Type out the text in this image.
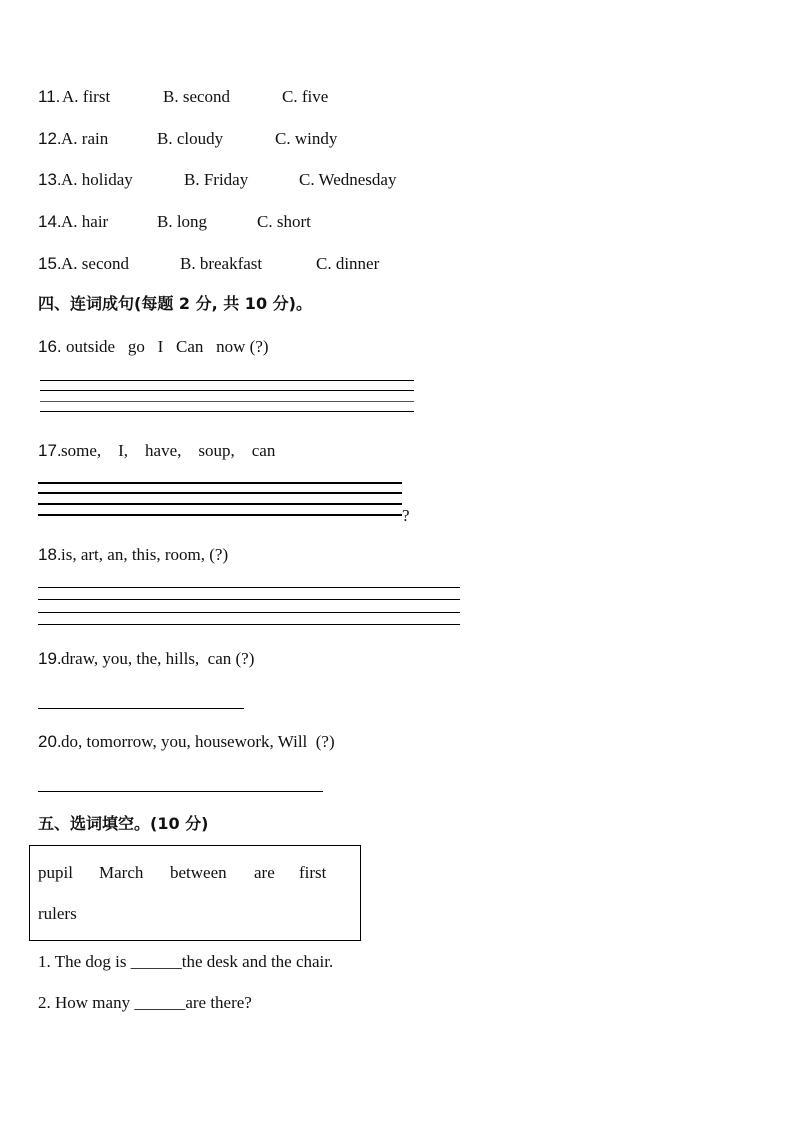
11. A. first	B. second	C. five
12. A. rain	B. cloudy	C. windy
13. A. holiday	B. Friday	C. Wednesday
14. A. hair	B. long	C. short
15. A. second	B. breakfast	C. dinner
四、连词成句(每题 2 分, 共 10 分)。
16. outside   go   I   Can   now (?)
17. some,    I,    have,    soup,    can
?
18. is, art, an, this, room, (?)
19. draw, you, the, hills,  can (?)
20. do, tomorrow, you, housework, Will  (?)
五、选词填空。(10 分)
pupil March between are first
rulers
1. The dog is ______the desk and the chair.
2. How many ______are there?
